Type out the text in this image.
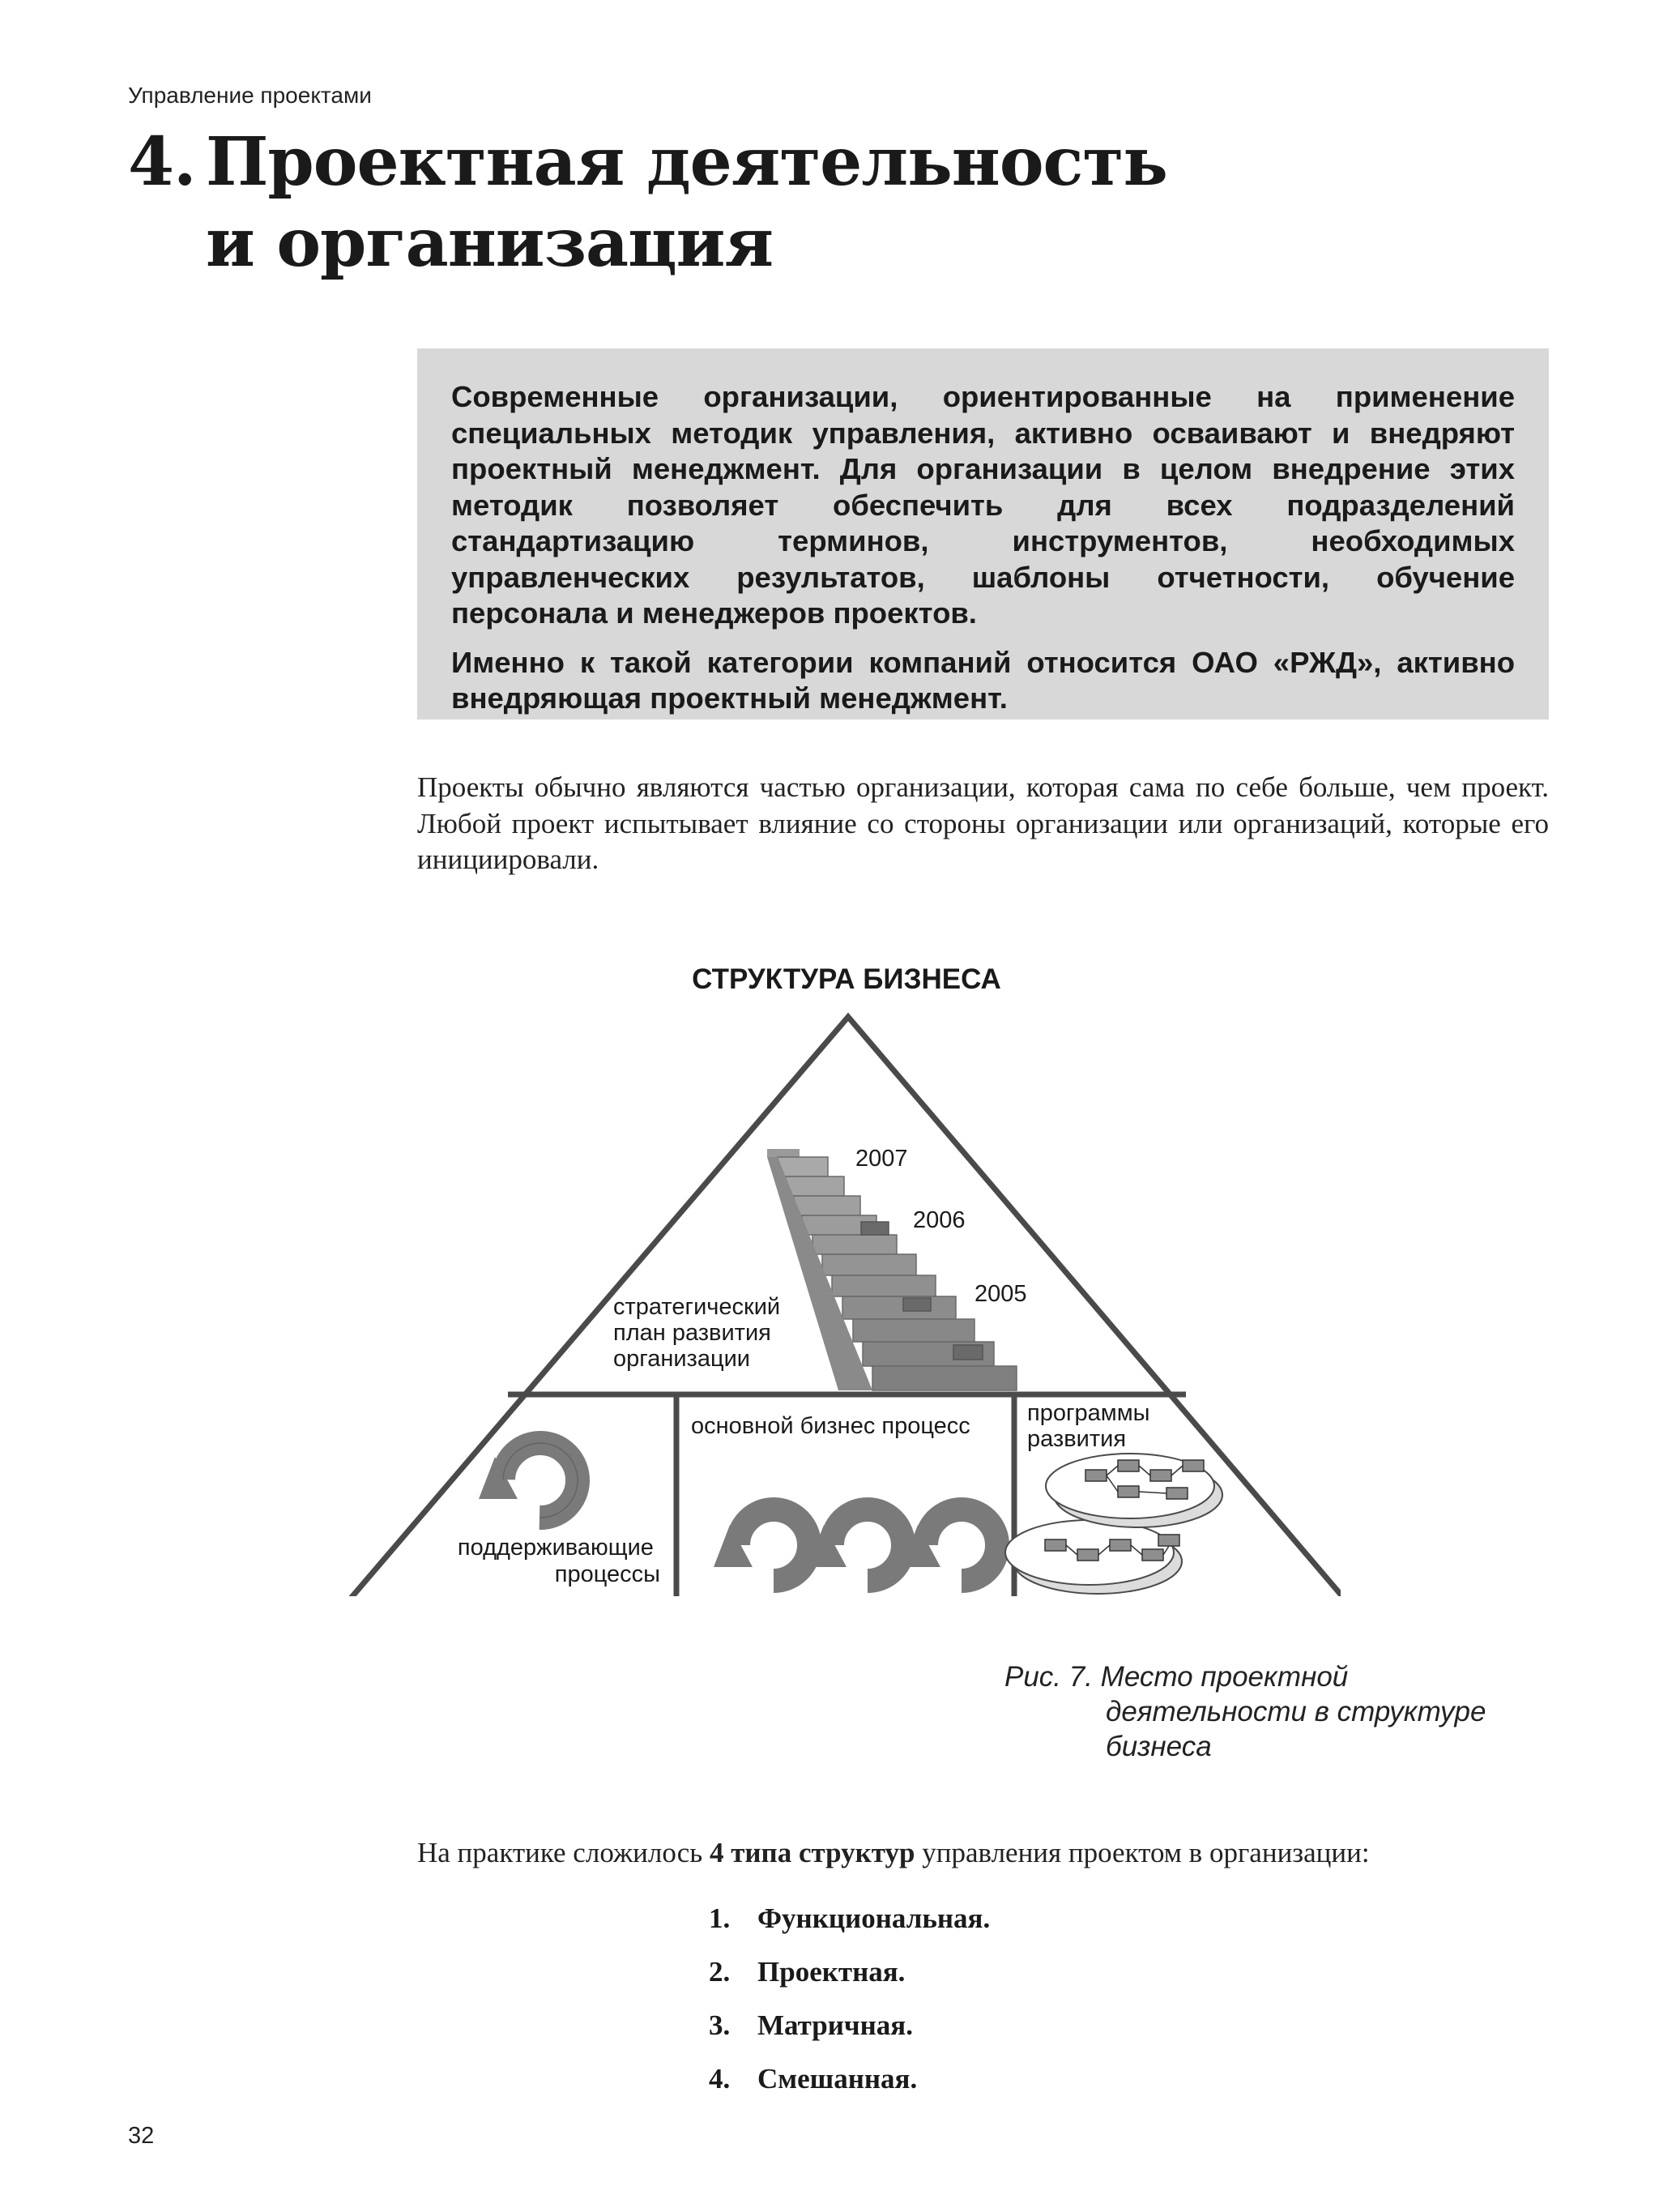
Управление проектами
4. Проектная деятельность
и организация

Современные организации, ориентированные на применение специальных методик управления, активно осваивают и внедряют проектный менеджмент. Для организации в целом внедрение этих методик позволяет обеспечить для всех подразделений стандартизацию терминов, инструментов, необходимых управленческих результатов, шаблоны отчетности, обучение персонала и менеджеров проектов.

Именно к такой категории компаний относится ОАО «РЖД», активно внедряющая проектный менеджмент.

Проекты обычно являются частью организации, которая сама по себе больше, чем проект. Любой проект испытывает влияние со стороны организации или организаций, которые его инициировали.

СТРУКТУРА БИЗНЕСА
2007
2006
2005
стратегический план развития организации
поддерживающие процессы
основной бизнес процесс программы развития
Рис. 7. Место проектной
деятельности в структуре
бизнеса

На практике сложилось 4 типа структур управления проектом в организации:

1. Функциональная.
2. Проектная.
3. Матричная.
4. Смешанная.
32
